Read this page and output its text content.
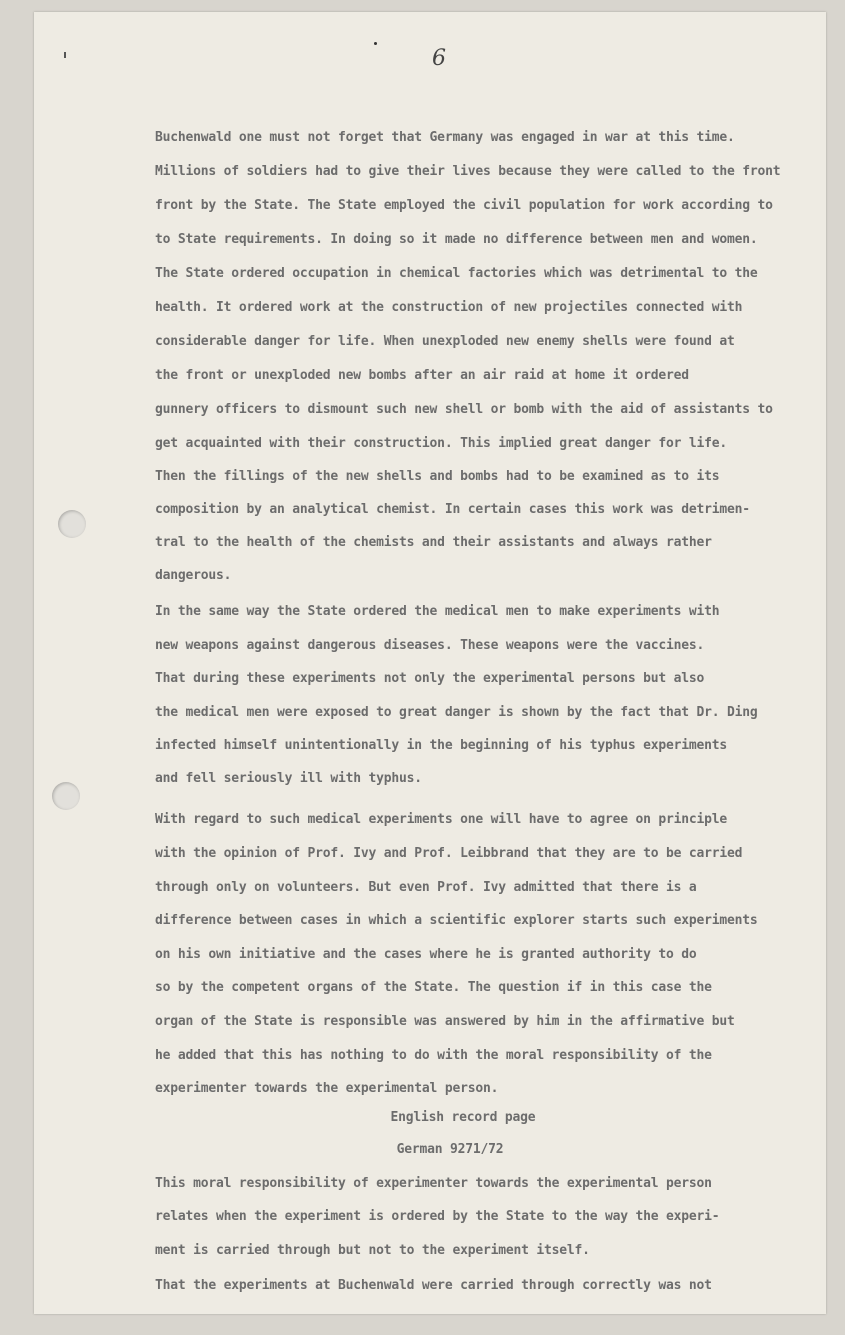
6
Buchenwald one must not forget that Germany was engaged in war at this time.
Millions of soldiers had to give their lives because they were called to the front
front by the State. The State employed the civil population for work according to
to State requirements. In doing so it made no difference between men and women.
The State ordered occupation in chemical factories which was detrimental to the
health. It ordered work at the construction of new projectiles connected with
considerable danger for life. When unexploded new enemy shells were found at
the front or unexploded new bombs after an air raid at home it ordered
gunnery officers to dismount such new shell or bomb with the aid of assistants to
get acquainted with their construction. This implied great danger for life.
Then the fillings of the new shells and bombs had to be examined as to its
composition by an analytical chemist. In certain cases this work was detrimen-
tral to the health of the chemists and their assistants and always rather
dangerous.
In the same way the State ordered the medical men to make experiments with
new weapons against dangerous diseases. These weapons were the vaccines.
That during these experiments not only the experimental persons but also
the medical men were exposed to great danger is shown by the fact that Dr. Ding
infected himself unintentionally in the beginning of his typhus experiments
and fell seriously ill with typhus.
With regard to such medical experiments one will have to agree on principle
with the opinion of Prof. Ivy and Prof. Leibbrand that they are to be carried
through only on volunteers. But even Prof. Ivy admitted that there is a
difference between cases in which a scientific explorer starts such experiments
on his own initiative and the cases where he is granted authority to do
so by the competent organs of the State. The question if in this case the
organ of the State is responsible was answered by him in the affirmative but
he added that this has nothing to do with the moral responsibility of the
experimenter towards the experimental person.
English record page
German 9271/72
This moral responsibility of experimenter towards the experimental person
relates when the experiment is ordered by the State to the way the experi-
ment is carried through but not to the experiment itself.
That the experiments at Buchenwald were carried through correctly was not
